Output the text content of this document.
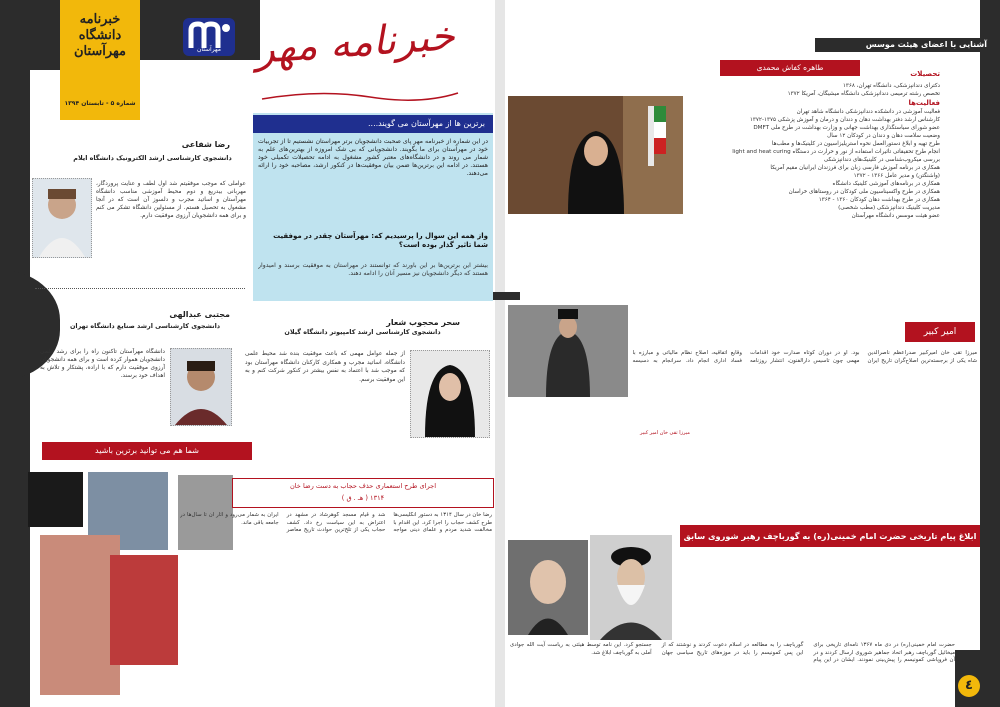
خبرنامه دانشگاه مهرآستان
شماره ۵ - تابستان ۱۳۹۴
مهرآستان خبرنامه مهر
برترین ها از مهرآستان می گویند....
در این شماره از خبرنامه مهر پای صحبت دانشجویان برتر مهرآستان نشستیم تا از تجربیات خود در مهرآستان برای ما بگویند. دانشجویانی که بی شک امروزه از بهترین‌های علم به شمار می روند و در دانشگاه‌های معتبر کشور مشغول به ادامه تحصیلات تکمیلی خود هستند. در ادامه این برترین‌ها ضمن بیان موفقیت‌ها در کنکور ارشد، مصاحبه خود را ارائه می‌دهند.
واز همه این سوال را پرسیدیم که: مهرآستان چقدر در موفقیت شما تاثیر گذار بوده است؟
بیشتر این برترین‌ها بر این باورند که توانستند در مهرآستان به موفقیت برسند و امیدوار هستند که دیگر دانشجویان نیز مسیر آنان را ادامه دهند.
رضا شفاعی
دانشجوی کارشناسی ارشد الکترونیک دانشگاه ایلام
عواملی که موجب موفقیتم شد اول لطف و عنایت پروردگار، مهربانی بیدریغ و دوم محیط آموزشی مناسب دانشگاه مهرآستان و اساتید مجرب و دلسوز آن است که در آنجا مشغول به تحصیل هستم. از مسئولین دانشگاه تشکر می کنم و برای همه دانشجویان آرزوی موفقیت دارم.
سحر محجوب شعار
دانشجوی کارشناسی ارشد کامپیوتر دانشگاه گیلان
از جمله عوامل مهمی که باعث موفقیت بنده شد محیط علمی دانشگاه، اساتید مجرب و همکاری کارکنان دانشگاه مهرآستان بود که موجب شد با اعتماد به نفس بیشتر در کنکور شرکت کنم و به این موفقیت برسم.
مجتبی عبدالهی
دانشجوی کارشناسی ارشد صنایع دانشگاه تهران
دانشگاه مهرآستان تاکنون راه را برای رشد علمی دانشجویان هموار کرده است و برای همه دانشجویان آرزوی موفقیت دارم که با اراده، پشتکار و تلاش به اهداف خود برسند.
شما هم می توانید برترین باشید
اجرای طرح استعماری حذف حجاب به دست رضا خان
۱۳۱۴ ( هـ . ق )
رضا خان در سال ۱۳۱۴ به دستور انگلیسی‌ها طرح کشف حجاب را اجرا کرد. این اقدام با مخالفت شدید مردم و علمای دینی مواجه شد و قیام مسجد گوهرشاد در مشهد در اعتراض به این سیاست رخ داد. کشف حجاب یکی از تلخ‌ترین حوادث تاریخ معاصر ایران به شمار می‌رود و آثار آن تا سال‌ها در جامعه باقی ماند.
آشنایی با اعضای هیئت موسس
طاهره کفاش محمدی
تحصیلات
دکترای دندانپزشکی، دانشگاه تهران، ۱۳۶۸
تخصص رشته ترمیمی دندانپزشکی دانشگاه میشیگان، آمریکا ۱۳۷۲
فعالیت‌ها
فعالیت آموزشی در دانشکده دندانپزشکی دانشگاه شاهد تهران
کارشناس ارشد دفتر بهداشت دهان و دندان و درمان و آموزش پزشکی ۱۳۷۵-۱۳۷۲
عضو شورای سیاستگذاری بهداشت جهانی و وزارت بهداشت در طرح ملی DMFT
وضعیت سلامت دهان و دندان در کودکان ۱۲ سال
طرح تهیه و ابلاغ دستورالعمل نحوه استریلیزاسیون در کلینیک‌ها و مطب‌ها
انجام طرح تحقیقاتی تاثیرات استفاده از نور و حرارت در دستگاه light and heat curing
بررسی میکروب‌شناسی در کلینیک‌های دندانپزشکی
همکاری در برنامه آموزش فارسی زبان برای فرزندان ایرانیان مقیم آمریکا
(واشنگتن) و مدیر عامل ۱۳۶۶ - ۱۳۷۲
همکاری در برنامه‌های آموزشی کلینیک دانشگاه
همکاری در طرح واکسیناسیون ملی کودکان در روستاهای خراسان
همکاری در طرح بهداشت دهان کودکان ۱۳۶۰ - ۱۳۶۴
مدیریت کلینیک دندانپزشکی (مطب شخصی)
عضو هیئت موسس دانشگاه مهرآستان
امیر کبیر
میرزا تقی خان امیرکبیر صدراعظم ناصرالدین شاه یکی از برجسته‌ترین اصلاح‌گران تاریخ ایران بود. او در دوران کوتاه صدارت خود اقدامات مهمی چون تاسیس دارالفنون، انتشار روزنامه وقایع اتفاقیه، اصلاح نظام مالیاتی و مبارزه با فساد اداری انجام داد. سرانجام به دسیسه
میرزا تقی خان امیر کبیر
ابلاغ پیام تاریخی حضرت امام خمینی(ره) به گورباچف رهبر شوروی سابق
حضرت امام خمینی(ره) در دی ماه ۱۳۶۷ نامه‌ای تاریخی برای میخائیل گورباچف رهبر اتحاد جماهیر شوروی ارسال کردند و در آن فروپاشی کمونیسم را پیش‌بینی نمودند. ایشان در این پیام گورباچف را به مطالعه در اسلام دعوت کردند و نوشتند که از این پس کمونیسم را باید در موزه‌های تاریخ سیاسی جهان جستجو کرد. این نامه توسط هیئتی به ریاست آیت الله جوادی آملی به گورباچف ابلاغ شد.
٤
